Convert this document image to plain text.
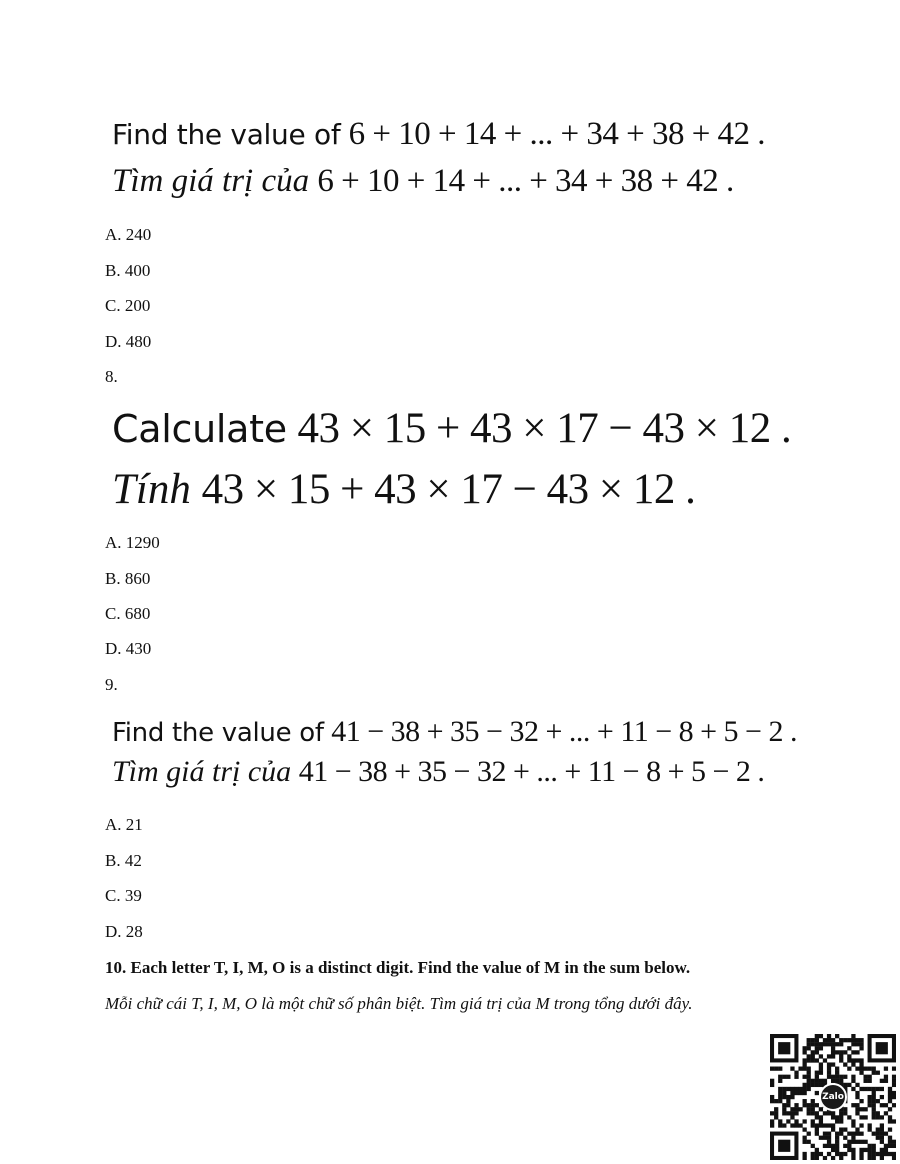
Find the value of 6 + 10 + 14 + ... + 34 + 38 + 42 .
Tìm giá trị của 6 + 10 + 14 + ... + 34 + 38 + 42 .
A. 240
B. 400
C. 200
D. 480
8.
Calculate 43 × 15 + 43 × 17 − 43 × 12 .
Tính 43 × 15 + 43 × 17 − 43 × 12 .
A. 1290
B. 860
C. 680
D. 430
9.
Find the value of 41 − 38 + 35 − 32 + ... + 11 − 8 + 5 − 2 .
Tìm giá trị của 41 − 38 + 35 − 32 + ... + 11 − 8 + 5 − 2 .
A. 21
B. 42
C. 39
D. 28
10. Each letter T, I, M, O is a distinct digit. Find the value of M in the sum below.
Mỗi chữ cái T, I, M, O là một chữ số phân biệt. Tìm giá trị của M trong tổng dưới đây.
Zalo
